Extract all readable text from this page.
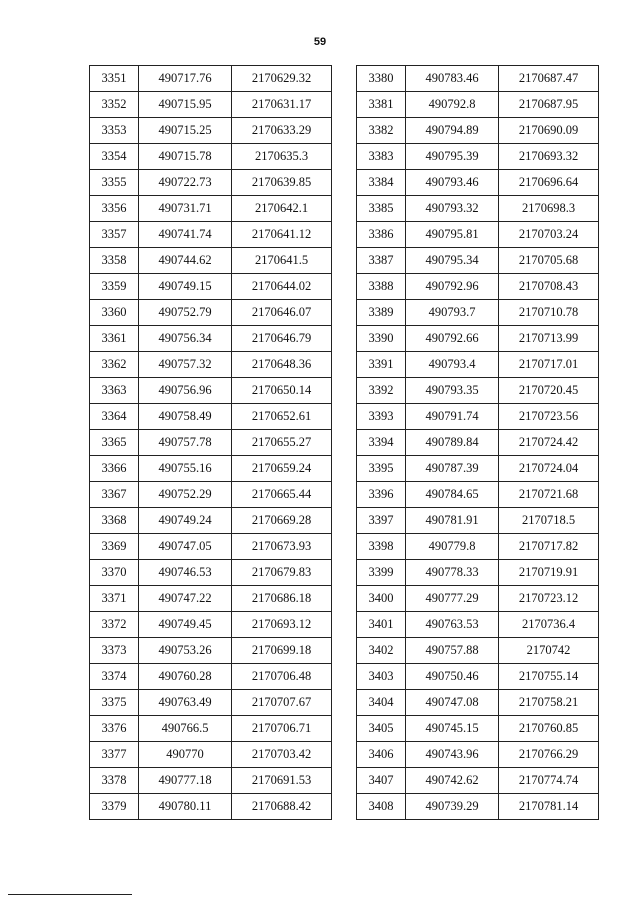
59
3351	490717.76	2170629.32
3352	490715.95	2170631.17
3353	490715.25	2170633.29
3354	490715.78	2170635.3
3355	490722.73	2170639.85
3356	490731.71	2170642.1
3357	490741.74	2170641.12
3358	490744.62	2170641.5
3359	490749.15	2170644.02
3360	490752.79	2170646.07
3361	490756.34	2170646.79
3362	490757.32	2170648.36
3363	490756.96	2170650.14
3364	490758.49	2170652.61
3365	490757.78	2170655.27
3366	490755.16	2170659.24
3367	490752.29	2170665.44
3368	490749.24	2170669.28
3369	490747.05	2170673.93
3370	490746.53	2170679.83
3371	490747.22	2170686.18
3372	490749.45	2170693.12
3373	490753.26	2170699.18
3374	490760.28	2170706.48
3375	490763.49	2170707.67
3376	490766.5	2170706.71
3377	490770	2170703.42
3378	490777.18	2170691.53
3379	490780.11	2170688.42
3380	490783.46	2170687.47
3381	490792.8	2170687.95
3382	490794.89	2170690.09
3383	490795.39	2170693.32
3384	490793.46	2170696.64
3385	490793.32	2170698.3
3386	490795.81	2170703.24
3387	490795.34	2170705.68
3388	490792.96	2170708.43
3389	490793.7	2170710.78
3390	490792.66	2170713.99
3391	490793.4	2170717.01
3392	490793.35	2170720.45
3393	490791.74	2170723.56
3394	490789.84	2170724.42
3395	490787.39	2170724.04
3396	490784.65	2170721.68
3397	490781.91	2170718.5
3398	490779.8	2170717.82
3399	490778.33	2170719.91
3400	490777.29	2170723.12
3401	490763.53	2170736.4
3402	490757.88	2170742
3403	490750.46	2170755.14
3404	490747.08	2170758.21
3405	490745.15	2170760.85
3406	490743.96	2170766.29
3407	490742.62	2170774.74
3408	490739.29	2170781.14
